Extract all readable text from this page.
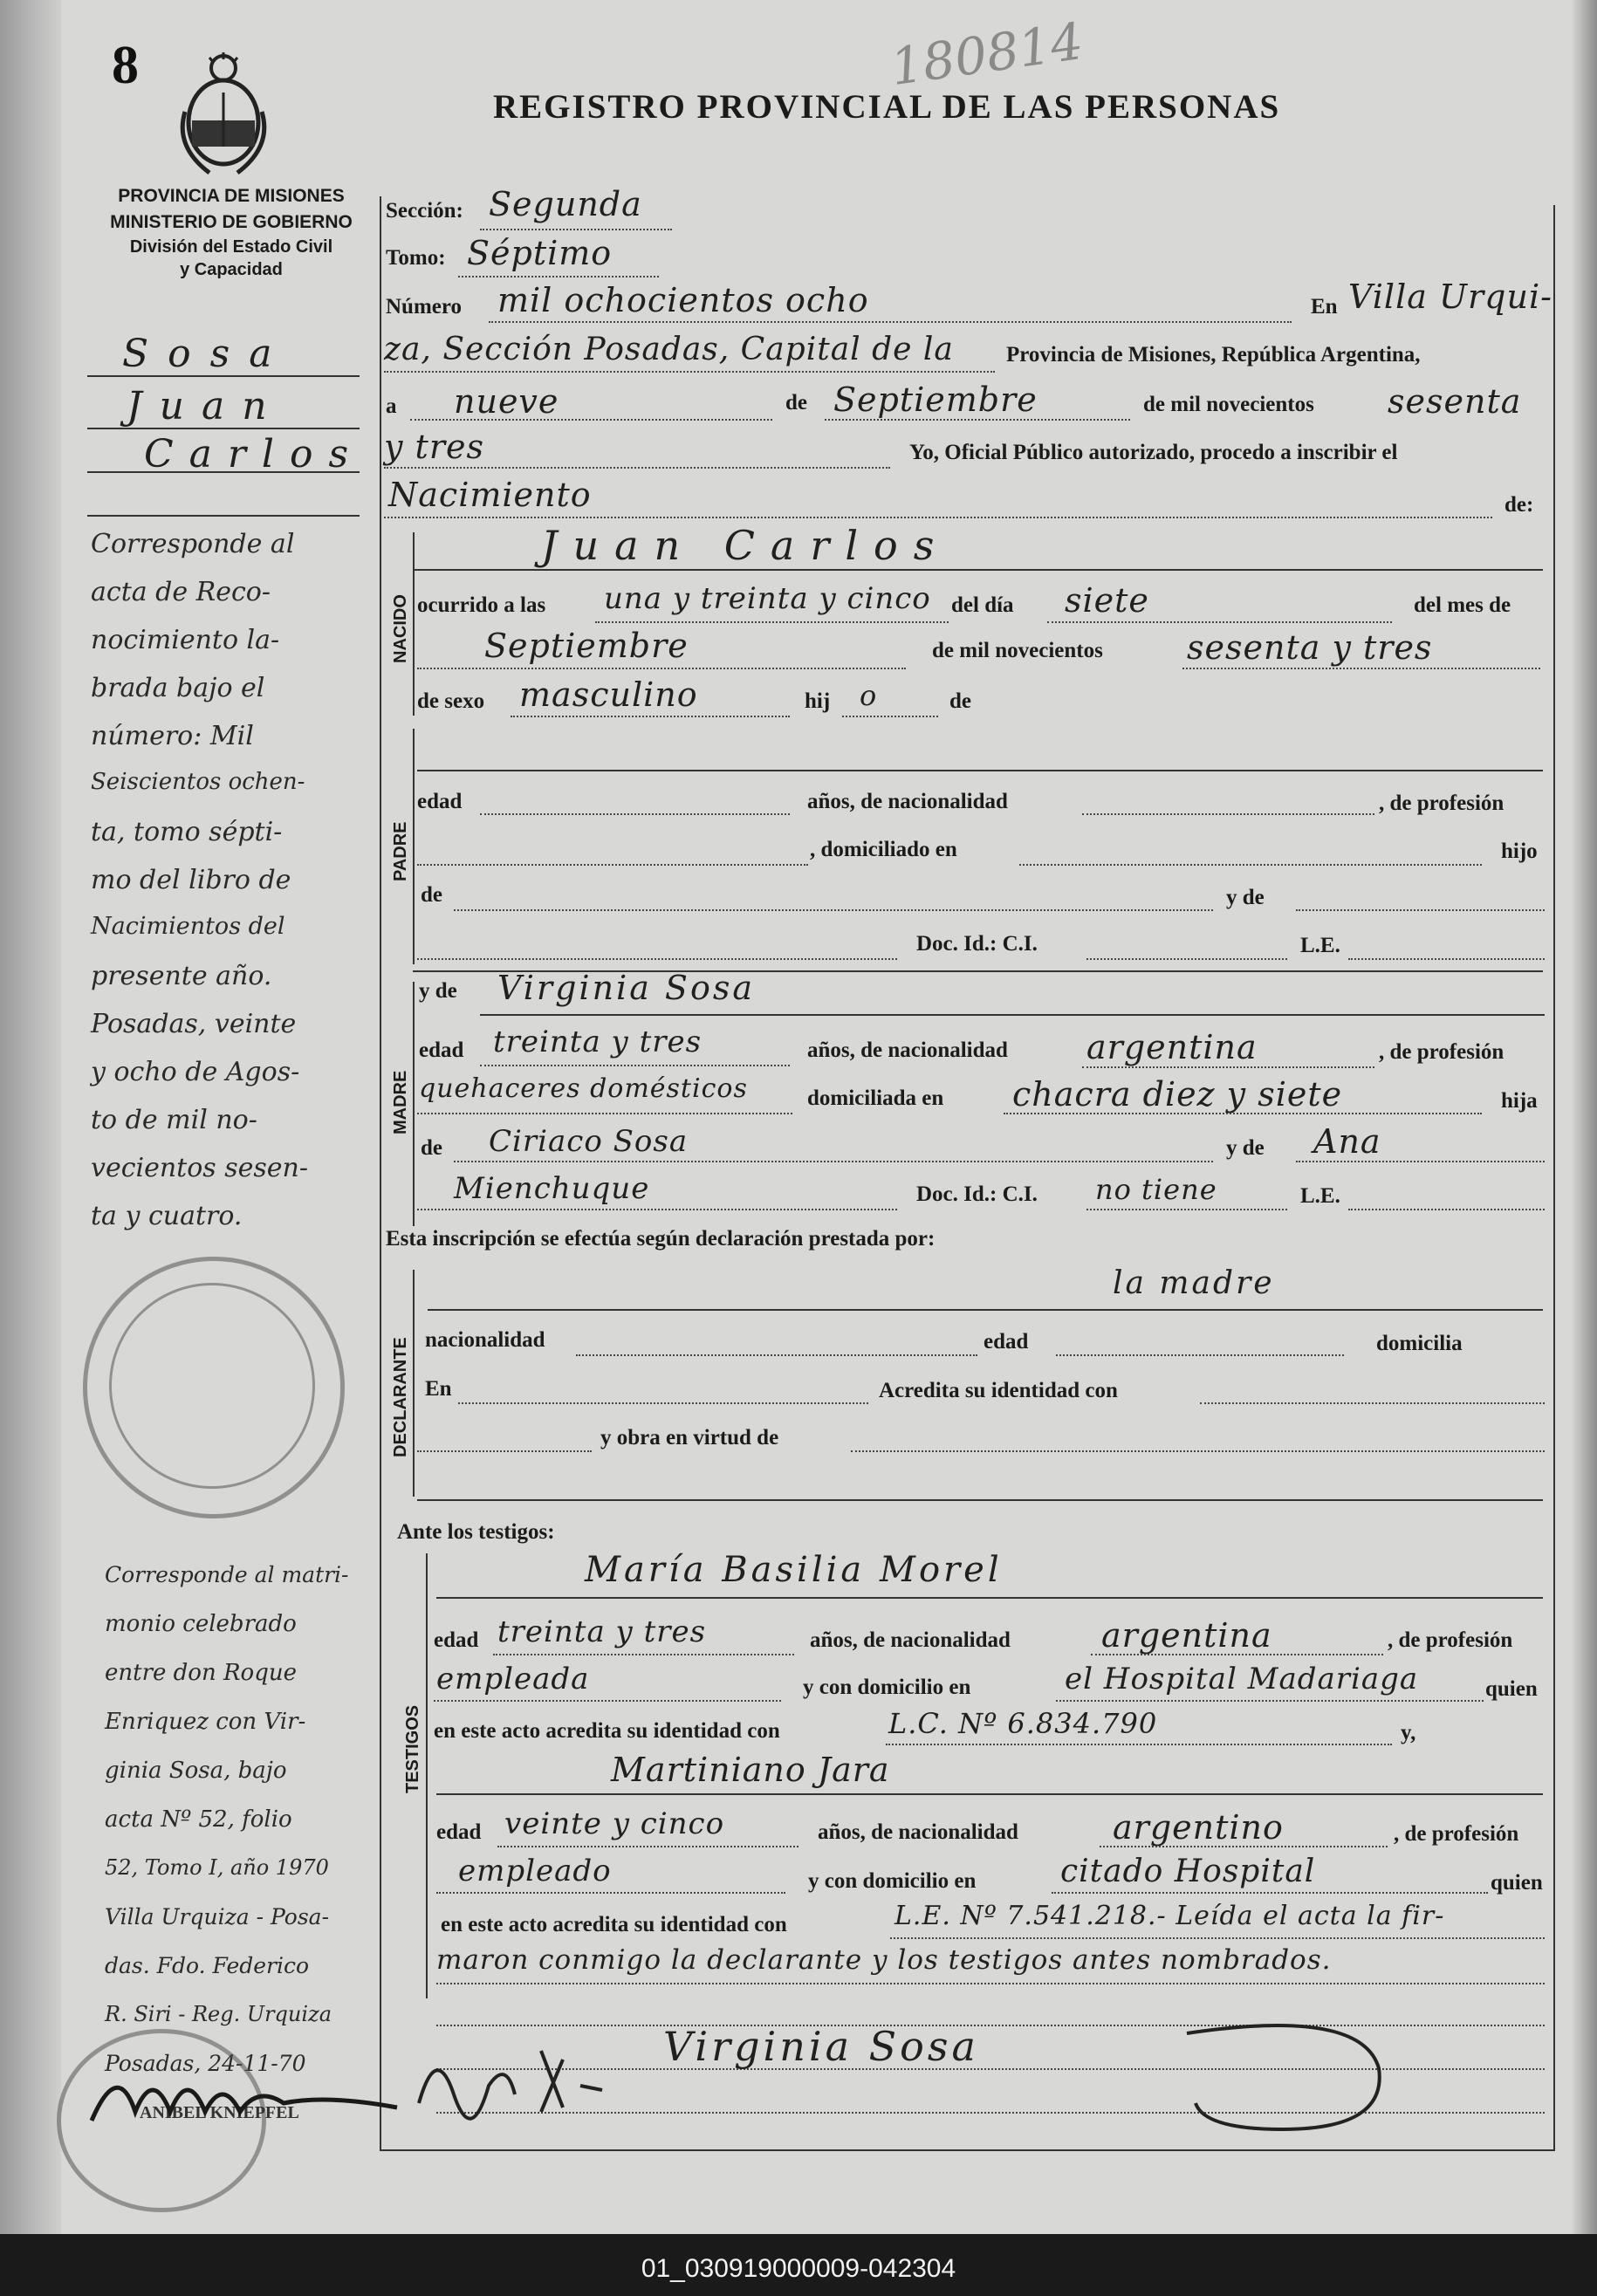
8	180814
REGISTRO PROVINCIAL DE LAS PERSONAS
PROVINCIA DE MISIONES
MINISTERIO DE GOBIERNO
División del Estado Civil
y Capacidad
Sosa
Juan
Carlos
Corresponde al
acta de Reco-
nocimiento la-
brada bajo el
número: Mil
Seiscientos ochen-
ta, tomo sépti-
mo del libro de
Nacimientos del
presente año.
Posadas, veinte
y ocho de Agos-
to de mil no-
vecientos sesen-
ta y cuatro.
Corresponde al matri-
monio celebrado
entre don Roque
Enriquez con Vir-
ginia Sosa, bajo
acta Nº 52, folio
52, Tomo I, año 1970
Villa Urquiza - Posa-
das. Fdo. Federico
R. Siri - Reg. Urquiza
Posadas, 24-11-70
ANIBEL KNIEPFEL
Sección: Segunda
Tomo: Séptimo
Número mil ochocientos ocho	En Villa Urqui-
za, Sección Posadas, Capital de la Provincia de Misiones, República Argentina,
a nueve	de Septiembre	de mil novecientos sesenta
y tres	Yo, Oficial Público autorizado, procedo a inscribir el
Nacimiento	de:
NACIDO
Juan Carlos
ocurrido a las una y treinta y cinco del día siete	del mes de
Septiembre	de mil novecientos	sesenta y tres
de sexo masculino	hij o	de
PADRE
edad	años, de nacionalidad	, de profesión
, domiciliado en	hijo
de	y de
Doc. Id.: C.I.	L.E.
MADRE
y de Virginia Sosa
edad treinta y tres	años, de nacionalidad argentina	, de profesión
quehaceres domésticos	domiciliada en chacra diez y siete	hija
de Ciriaco Sosa	y de Ana
Mienchuque	Doc. Id.: C.I. no tiene	L.E.
Esta inscripción se efectúa según declaración prestada por:
DECLARANTE
la madre
nacionalidad	edad	domicilia
En	Acredita su identidad con
y obra en virtud de
Ante los testigos:
TESTIGOS
María Basilia Morel
edad treinta y tres	años, de nacionalidad	argentina	, de profesión
empleada	y con domicilio en	el Hospital Madariaga	quien
en este acto acredita su identidad con	L.C. Nº 6.834.790	y,
Martiniano Jara
edad veinte y cinco	años, de nacionalidad	argentino	, de profesión
empleado	y con domicilio en	citado Hospital	quien
en este acto acredita su identidad con	L.E. Nº 7.541.218.- Leída el acta la fir-
maron conmigo la declarante y los testigos antes nombrados.
Virginia Sosa
01_030919000009-042304
